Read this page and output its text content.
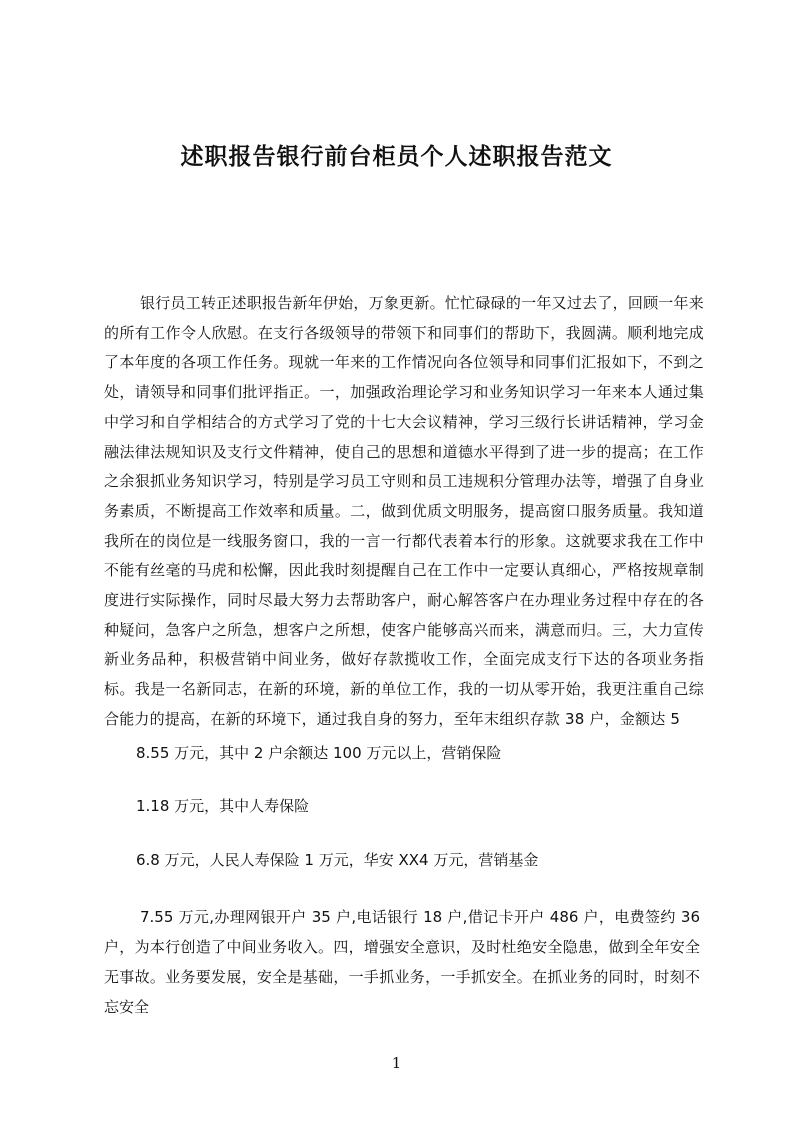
述职报告银行前台柜员个人述职报告范文

银行员工转正述职报告新年伊始，万象更新。忙忙碌碌的一年又过去了，回顾一年来的所有工作令人欣慰。在支行各级领导的带领下和同事们的帮助下，我圆满。顺利地完成了本年度的各项工作任务。现就一年来的工作情况向各位领导和同事们汇报如下，不到之处，请领导和同事们批评指正。一，加强政治理论学习和业务知识学习一年来本人通过集中学习和自学相结合的方式学习了党的十七大会议精神，学习三级行长讲话精神，学习金融法律法规知识及支行文件精神，使自己的思想和道德水平得到了进一步的提高；在工作之余狠抓业务知识学习，特别是学习员工守则和员工违规积分管理办法等，增强了自身业务素质，不断提高工作效率和质量。二，做到优质文明服务，提高窗口服务质量。我知道我所在的岗位是一线服务窗口，我的一言一行都代表着本行的形象。这就要求我在工作中不能有丝毫的马虎和松懈，因此我时刻提醒自己在工作中一定要认真细心，严格按规章制度进行实际操作，同时尽最大努力去帮助客户，耐心解答客户在办理业务过程中存在的各种疑问，急客户之所急，想客户之所想，使客户能够高兴而来，满意而归。三，大力宣传新业务品种，积极营销中间业务，做好存款揽收工作，全面完成支行下达的各项业务指标。我是一名新同志，在新的环境，新的单位工作，我的一切从零开始，我更注重自己综合能力的提高，在新的环境下，通过我自身的努力，至年末组织存款 38 户，金额达 5

8.55 万元，其中 2 户余额达 100 万元以上，营销保险

1.18 万元，其中人寿保险

6.8 万元，人民人寿保险 1 万元，华安 XX4 万元，营销基金

7.55 万元,办理网银开户 35 户,电话银行 18 户,借记卡开户 486 户，电费签约 36 户，为本行创造了中间业务收入。四，增强安全意识，及时杜绝安全隐患，做到全年安全无事故。业务要发展，安全是基础，一手抓业务，一手抓安全。在抓业务的同时，时刻不忘安全

1
